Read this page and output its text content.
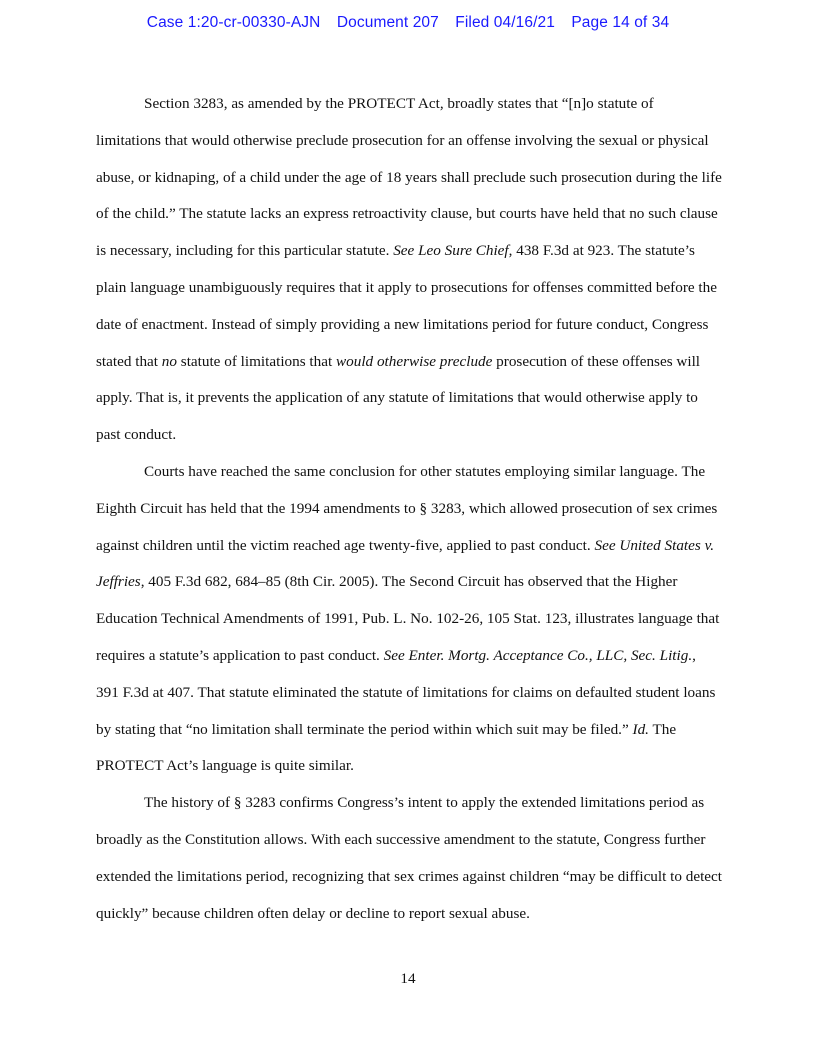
Case 1:20-cr-00330-AJN Document 207 Filed 04/16/21 Page 14 of 34

Section 3283, as amended by the PROTECT Act, broadly states that “[n]o statute of limitations that would otherwise preclude prosecution for an offense involving the sexual or physical abuse, or kidnaping, of a child under the age of 18 years shall preclude such prosecution during the life of the child.” The statute lacks an express retroactivity clause, but courts have held that no such clause is necessary, including for this particular statute. See Leo Sure Chief, 438 F.3d at 923. The statute’s plain language unambiguously requires that it apply to prosecutions for offenses committed before the date of enactment. Instead of simply providing a new limitations period for future conduct, Congress stated that no statute of limitations that would otherwise preclude prosecution of these offenses will apply. That is, it prevents the application of any statute of limitations that would otherwise apply to past conduct.

Courts have reached the same conclusion for other statutes employing similar language. The Eighth Circuit has held that the 1994 amendments to § 3283, which allowed prosecution of sex crimes against children until the victim reached age twenty-five, applied to past conduct. See United States v. Jeffries, 405 F.3d 682, 684–85 (8th Cir. 2005). The Second Circuit has observed that the Higher Education Technical Amendments of 1991, Pub. L. No. 102-26, 105 Stat. 123, illustrates language that requires a statute’s application to past conduct. See Enter. Mortg. Acceptance Co., LLC, Sec. Litig., 391 F.3d at 407. That statute eliminated the statute of limitations for claims on defaulted student loans by stating that “no limitation shall terminate the period within which suit may be filed.” Id. The PROTECT Act’s language is quite similar.

The history of § 3283 confirms Congress’s intent to apply the extended limitations period as broadly as the Constitution allows. With each successive amendment to the statute, Congress further extended the limitations period, recognizing that sex crimes against children “may be difficult to detect quickly” because children often delay or decline to report sexual abuse.

14
